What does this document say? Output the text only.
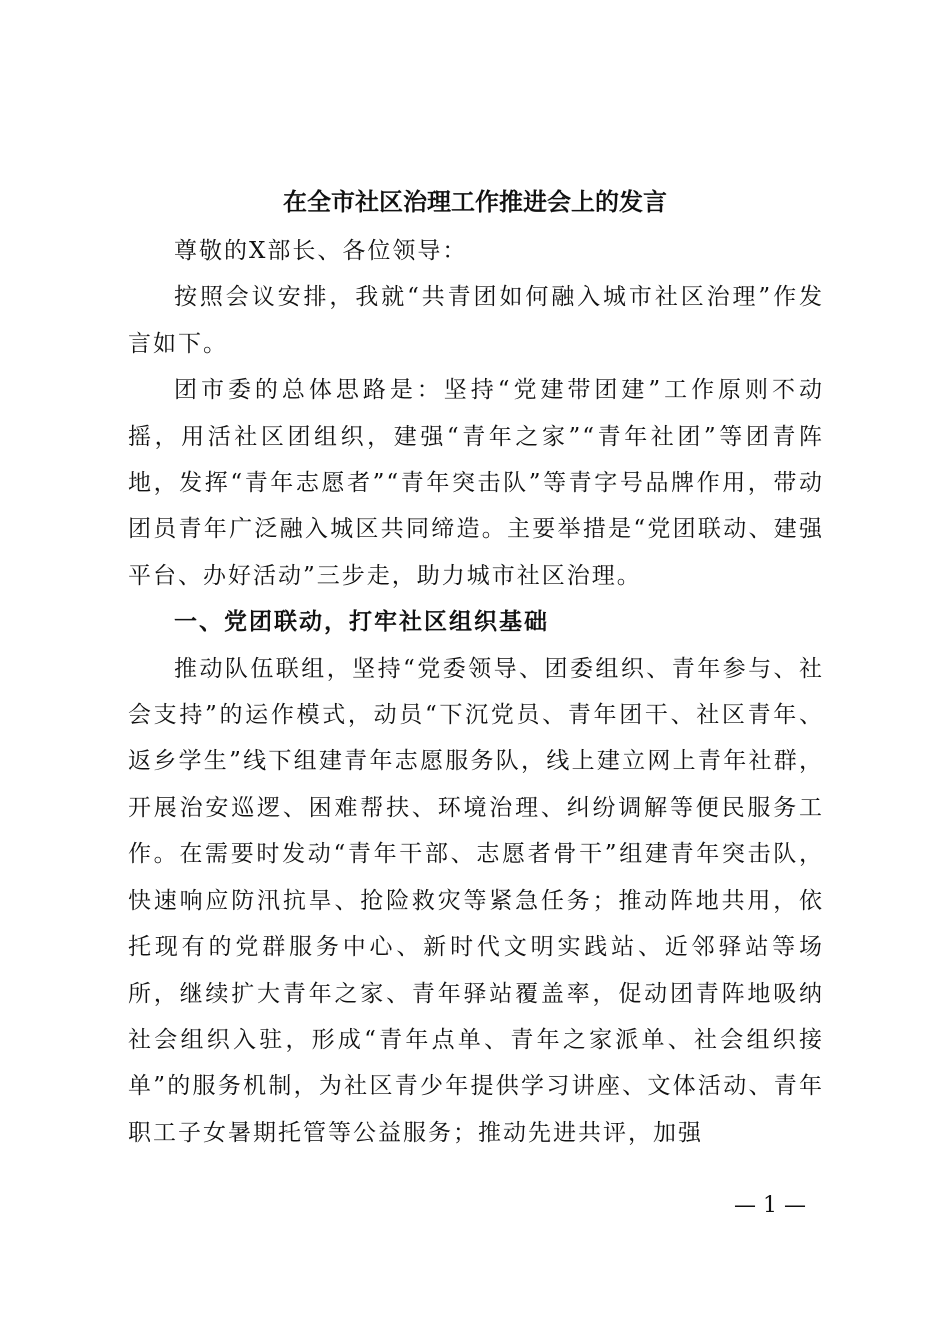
在全市社区治理工作推进会上的发言

尊敬的X部长、各位领导：

按照会议安排，我就“共青团如何融入城市社区治理”作发言如下。

团市委的总体思路是：坚持“党建带团建”工作原则不动摇，用活社区团组织，建强“青年之家”“青年社团”等团青阵地，发挥“青年志愿者”“青年突击队”等青字号品牌作用，带动团员青年广泛融入城区共同缔造。主要举措是“党团联动、建强平台、办好活动”三步走，助力城市社区治理。

一、党团联动，打牢社区组织基础

推动队伍联组，坚持“党委领导、团委组织、青年参与、社会支持”的运作模式，动员“下沉党员、青年团干、社区青年、返乡学生”线下组建青年志愿服务队，线上建立网上青年社群，开展治安巡逻、困难帮扶、环境治理、纠纷调解等便民服务工作。在需要时发动“青年干部、志愿者骨干”组建青年突击队，快速响应防汛抗旱、抢险救灾等紧急任务；推动阵地共用，依托现有的党群服务中心、新时代文明实践站、近邻驿站等场所，继续扩大青年之家、青年驿站覆盖率，促动团青阵地吸纳社会组织入驻，形成“青年点单、青年之家派单、社会组织接单”的服务机制，为社区青少年提供学习讲座、文体活动、青年职工子女暑期托管等公益服务；推动先进共评，加强

— 1 —
